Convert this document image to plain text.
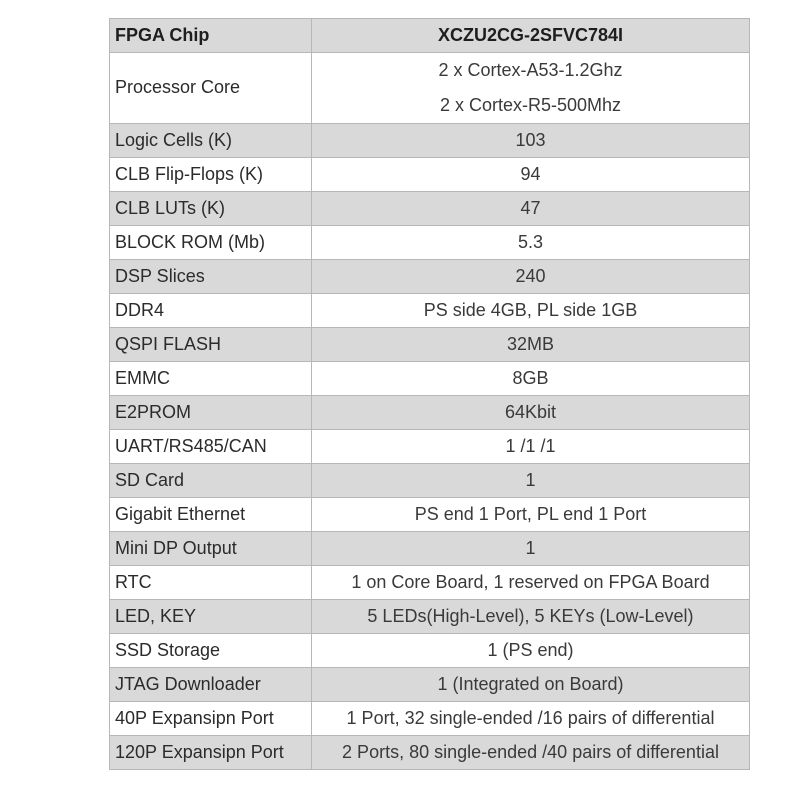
FPGA Chip	XCZU2CG-2SFVC784I
Processor Core	2 x Cortex-A53-1.2Ghz
2 x Cortex-R5-500Mhz

Logic Cells (K)	103
CLB Flip-Flops (K)	94
CLB LUTs (K)	47
BLOCK ROM (Mb)	5.3
DSP Slices	240
DDR4	PS side 4GB, PL side 1GB
QSPI FLASH	32MB
EMMC	8GB
E2PROM	64Kbit
UART/RS485/CAN	1 /1 /1
SD Card	1
Gigabit Ethernet	PS end 1 Port, PL end 1 Port
Mini DP Output	1
RTC	1 on Core Board, 1 reserved on FPGA Board
LED, KEY	5 LEDs(High-Level), 5 KEYs (Low-Level)
SSD Storage	1 (PS end)
JTAG Downloader	1 (Integrated on Board)
40P Expansipn Port	1 Port, 32 single-ended /16 pairs of differential
120P Expansipn Port	2 Ports, 80 single-ended /40 pairs of differential
